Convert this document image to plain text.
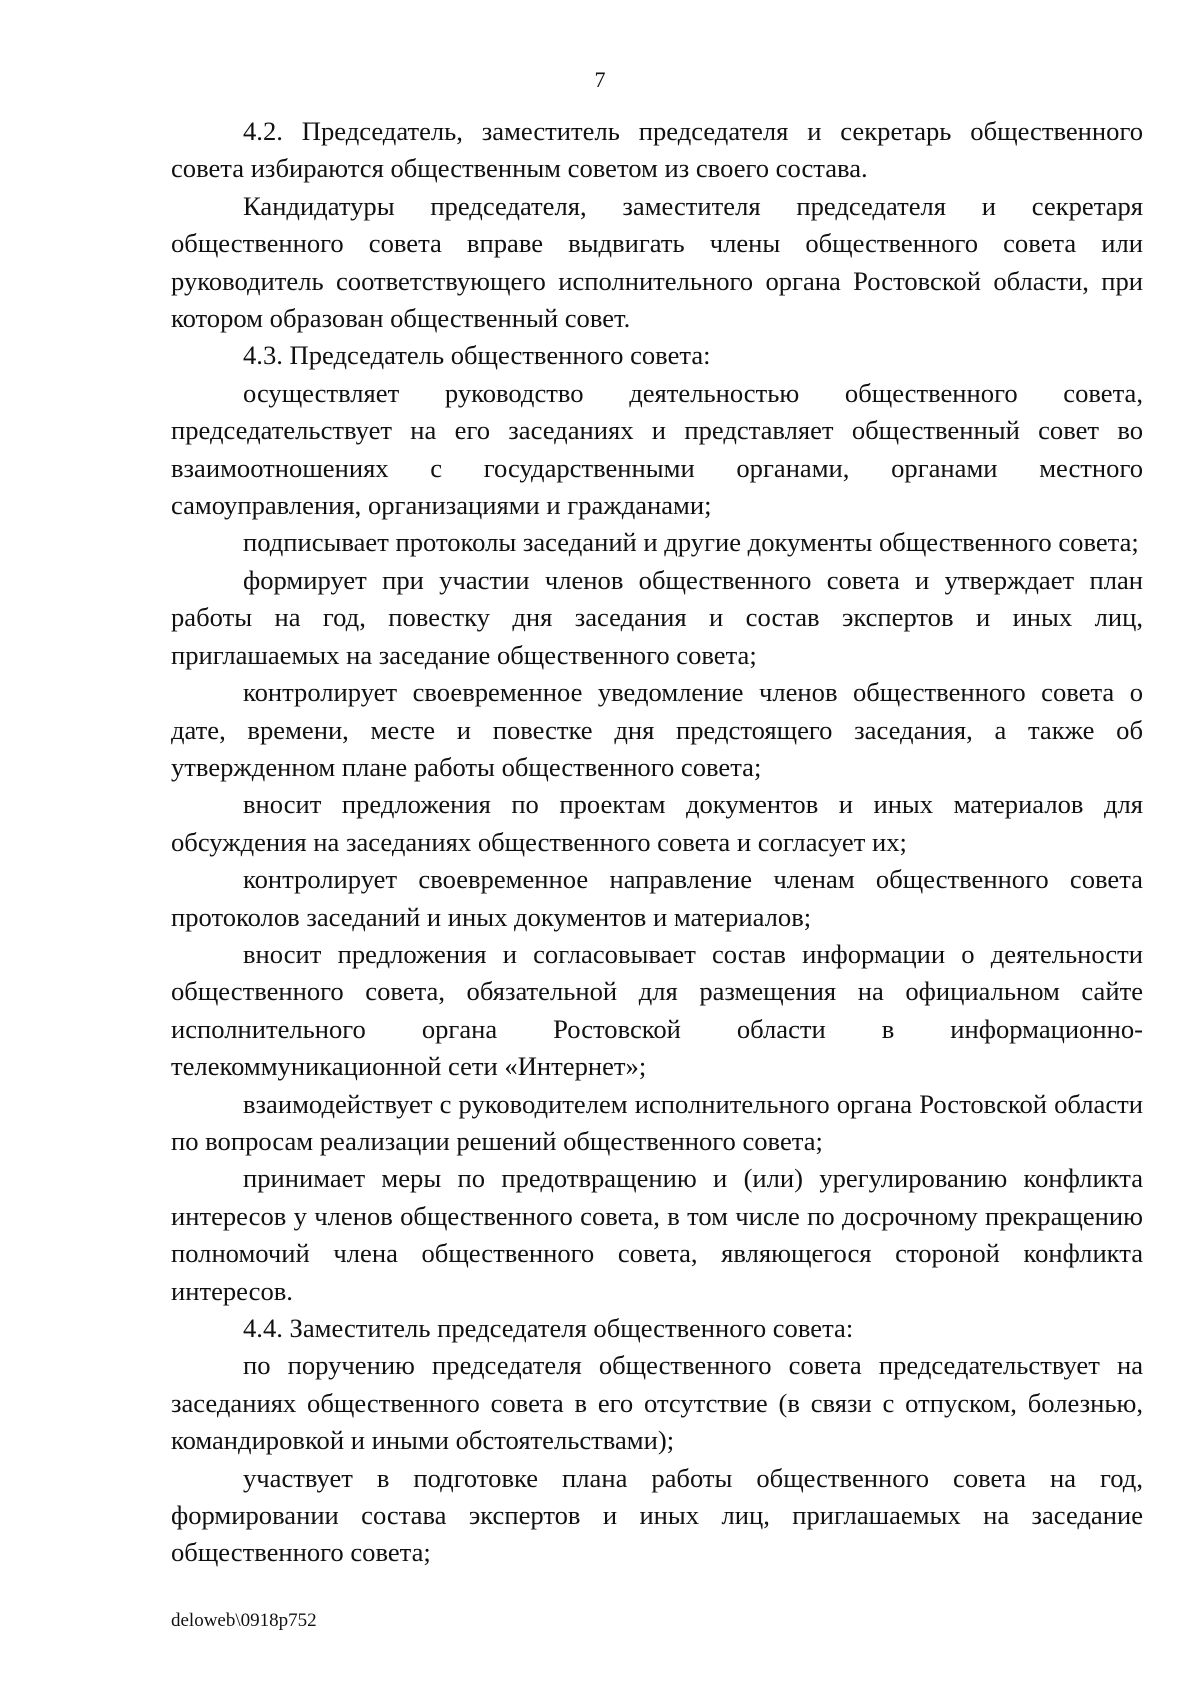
7

4.2. Председатель, заместитель председателя и секретарь общественного совета избираются общественным советом из своего состава.

Кандидатуры председателя, заместителя председателя и секретаря общественного совета вправе выдвигать члены общественного совета или руководитель соответствующего исполнительного органа Ростовской области, при котором образован общественный совет.

4.3. Председатель общественного совета:

осуществляет руководство деятельностью общественного совета, председательствует на его заседаниях и представляет общественный совет во взаимоотношениях с государственными органами, органами местного самоуправления, организациями и гражданами;

подписывает протоколы заседаний и другие документы общественного совета;

формирует при участии членов общественного совета и утверждает план работы на год, повестку дня заседания и состав экспертов и иных лиц, приглашаемых на заседание общественного совета;

контролирует своевременное уведомление членов общественного совета о дате, времени, месте и повестке дня предстоящего заседания, а также об утвержденном плане работы общественного совета;

вносит предложения по проектам документов и иных материалов для обсуждения на заседаниях общественного совета и согласует их;

контролирует своевременное направление членам общественного совета протоколов заседаний и иных документов и материалов;

вносит предложения и согласовывает состав информации о деятельности общественного совета, обязательной для размещения на официальном сайте исполнительного органа Ростовской области в информационно-телекоммуникационной сети «Интернет»;

взаимодействует с руководителем исполнительного органа Ростовской области по вопросам реализации решений общественного совета;

принимает меры по предотвращению и (или) урегулированию конфликта интересов у членов общественного совета, в том числе по досрочному прекращению полномочий члена общественного совета, являющегося стороной конфликта интересов.

4.4. Заместитель председателя общественного совета:

по поручению председателя общественного совета председательствует на заседаниях общественного совета в его отсутствие (в связи с отпуском, болезнью, командировкой и иными обстоятельствами);

участвует в подготовке плана работы общественного совета на год, формировании состава экспертов и иных лиц, приглашаемых на заседание общественного совета;

deloweb\0918p752
